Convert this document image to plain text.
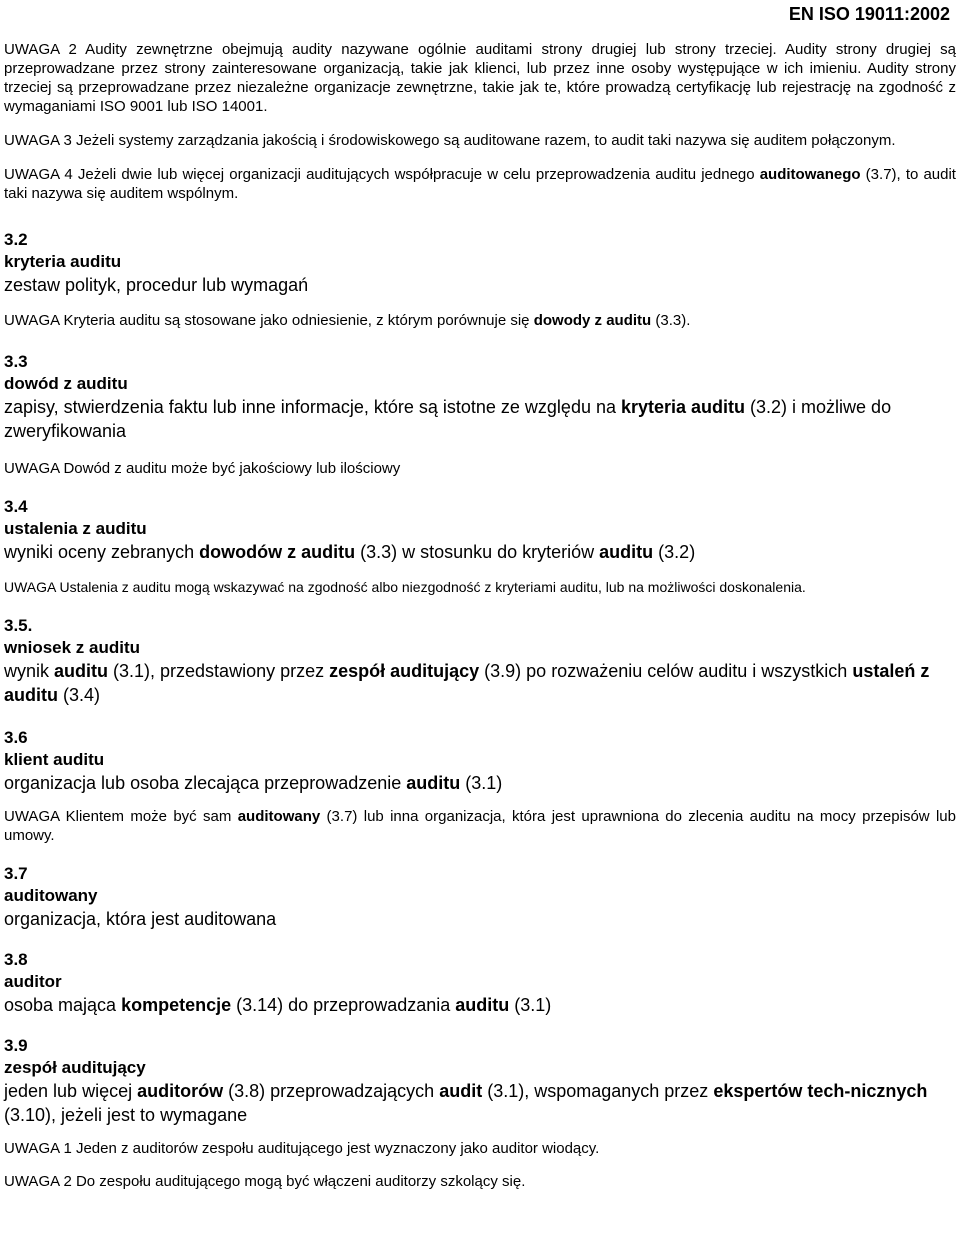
EN ISO 19011:2002

UWAGA 2 Audity zewnętrzne obejmują audity nazywane ogólnie auditami strony drugiej lub strony trzeciej. Audity strony drugiej są przeprowadzane przez strony zainteresowane organizacją, takie jak klienci, lub przez inne osoby występujące w ich imieniu. Audity strony trzeciej są przeprowadzane przez niezależne organizacje zewnętrzne, takie jak te, które prowadzą certyfikację lub rejestrację na zgodność z wymaganiami ISO 9001 lub ISO 14001.

UWAGA 3 Jeżeli systemy zarządzania jakością i środowiskowego są auditowane razem, to audit taki nazywa się auditem połączonym.

UWAGA 4 Jeżeli dwie lub więcej organizacji auditujących współpracuje w celu przeprowadzenia auditu jednego auditowanego (3.7), to audit taki nazywa się auditem wspólnym.

3.2

kryteria auditu

zestaw polityk, procedur lub wymagań

UWAGA Kryteria auditu są stosowane jako odniesienie, z którym porównuje się dowody z auditu (3.3).

3.3

dowód z auditu

zapisy, stwierdzenia faktu lub inne informacje, które są istotne ze względu na kryteria auditu (3.2) i możliwe do zweryfikowania

UWAGA Dowód z auditu może być jakościowy lub ilościowy

3.4

ustalenia z auditu

wyniki oceny zebranych dowodów z auditu (3.3) w stosunku do kryteriów auditu (3.2)

UWAGA Ustalenia z auditu mogą wskazywać na zgodność albo niezgodność z kryteriami auditu, lub na możliwości doskonalenia.

3.5.

wniosek z auditu

wynik auditu (3.1), przedstawiony przez zespół auditujący (3.9) po rozważeniu celów auditu i wszystkich ustaleń z auditu (3.4)

3.6

klient auditu

organizacja lub osoba zlecająca przeprowadzenie auditu (3.1)

UWAGA Klientem może być sam auditowany (3.7) lub inna organizacja, która jest uprawniona do zlecenia auditu na mocy przepisów lub umowy.

3.7

auditowany

organizacja, która jest auditowana

3.8

auditor

osoba mająca kompetencje (3.14) do przeprowadzania auditu (3.1)

3.9

zespół auditujący

jeden lub więcej auditorów (3.8) przeprowadzających audit (3.1), wspomaganych przez ekspertów tech-nicznych (3.10), jeżeli jest to wymagane

UWAGA 1 Jeden z auditorów zespołu auditującego jest wyznaczony jako auditor wiodący.

UWAGA 2 Do zespołu auditującego mogą być włączeni auditorzy szkolący się.
